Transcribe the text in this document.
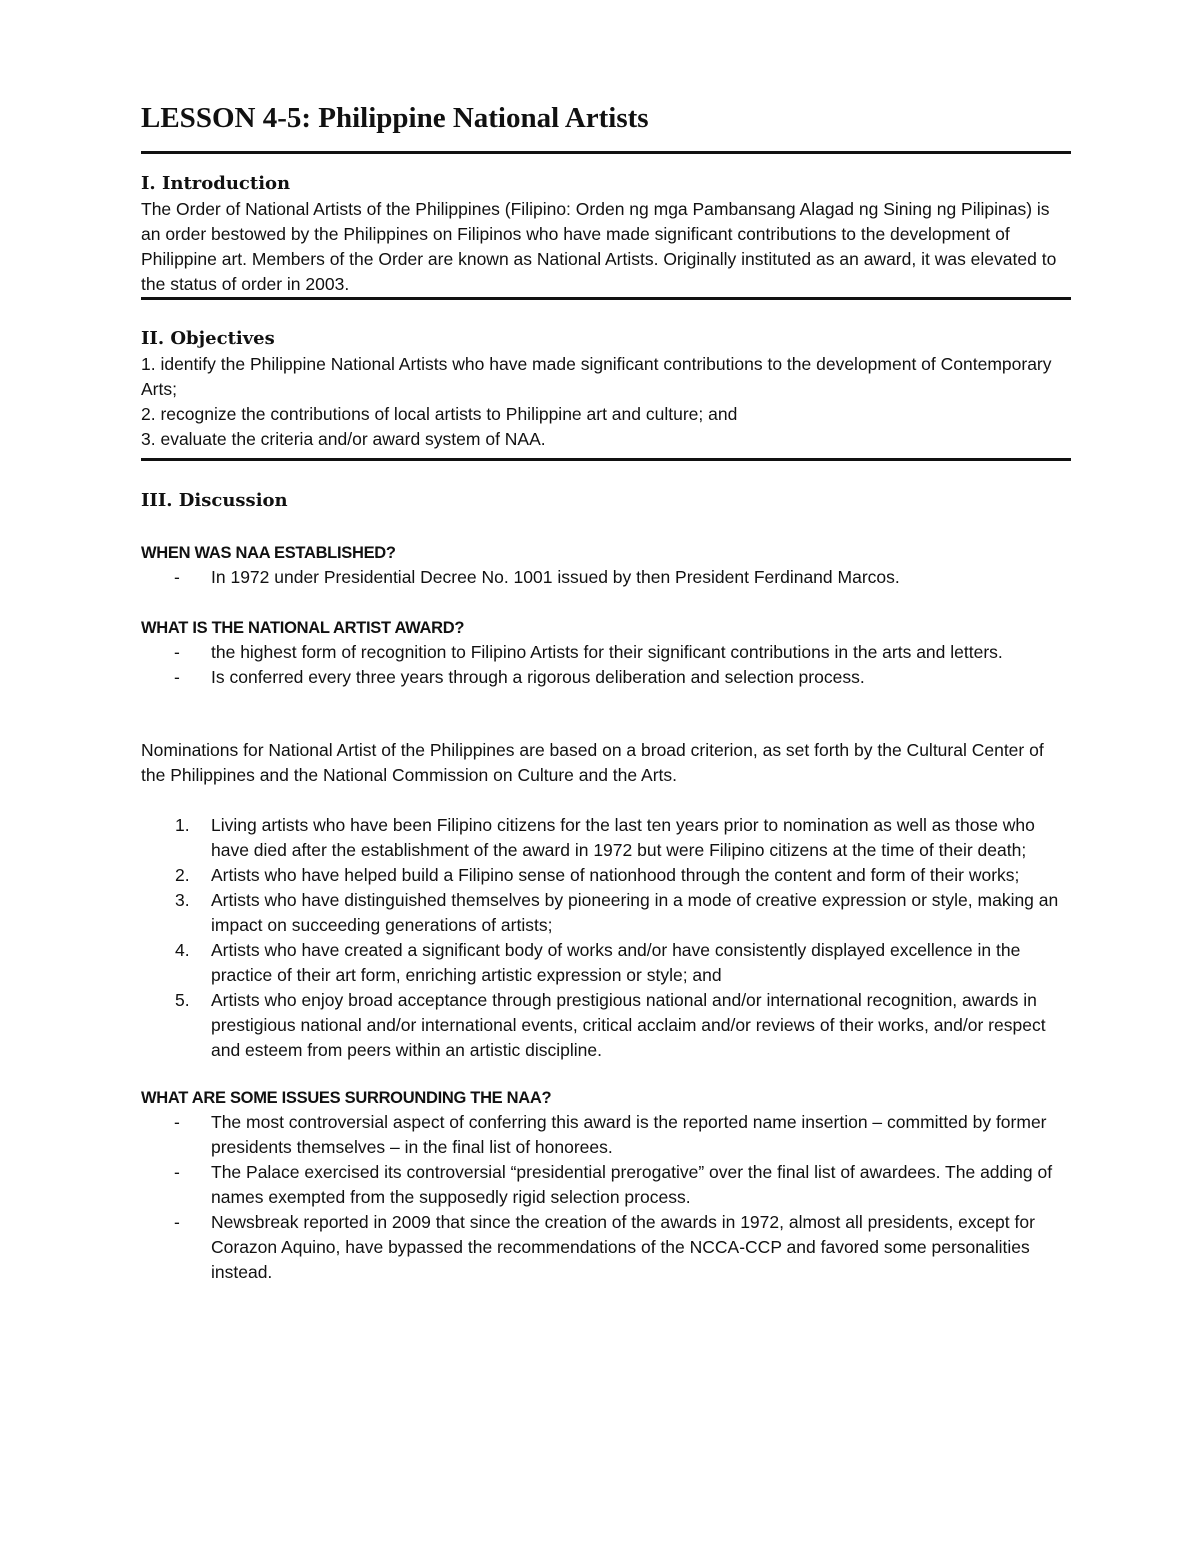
LESSON 4-5: Philippine National Artists
I. Introduction

The Order of National Artists of the Philippines (Filipino: Orden ng mga Pambansang Alagad ng Sining ng Pilipinas) is an order bestowed by the Philippines on Filipinos who have made significant contributions to the development of Philippine art. Members of the Order are known as National Artists. Originally instituted as an award, it was elevated to the status of order in 2003.

II. Objectives

1. identify the Philippine National Artists who have made significant contributions to the development of Contemporary Arts;

2. recognize the contributions of local artists to Philippine art and culture; and

3. evaluate the criteria and/or award system of NAA.

III. Discussion

WHEN WAS NAA ESTABLISHED?

- In 1972 under Presidential Decree No. 1001 issued by then President Ferdinand Marcos.

WHAT IS THE NATIONAL ARTIST AWARD?

- the highest form of recognition to Filipino Artists for their significant contributions in the arts and letters.
- Is conferred every three years through a rigorous deliberation and selection process.

Nominations for National Artist of the Philippines are based on a broad criterion, as set forth by the Cultural Center of the Philippines and the National Commission on Culture and the Arts.

1. Living artists who have been Filipino citizens for the last ten years prior to nomination as well as those who have died after the establishment of the award in 1972 but were Filipino citizens at the time of their death;
2. Artists who have helped build a Filipino sense of nationhood through the content and form of their works;
3. Artists who have distinguished themselves by pioneering in a mode of creative expression or style, making an impact on succeeding generations of artists;
4. Artists who have created a significant body of works and/or have consistently displayed excellence in the practice of their art form, enriching artistic expression or style; and
5. Artists who enjoy broad acceptance through prestigious national and/or international recognition, awards in prestigious national and/or international events, critical acclaim and/or reviews of their works, and/or respect and esteem from peers within an artistic discipline.

WHAT ARE SOME ISSUES SURROUNDING THE NAA?

- The most controversial aspect of conferring this award is the reported name insertion – committed by former presidents themselves – in the final list of honorees.
- The Palace exercised its controversial “presidential prerogative” over the final list of awardees. The adding of names exempted from the supposedly rigid selection process.
- Newsbreak reported in 2009 that since the creation of the awards in 1972, almost all presidents, except for Corazon Aquino, have bypassed the recommendations of the NCCA-CCP and favored some personalities instead.
